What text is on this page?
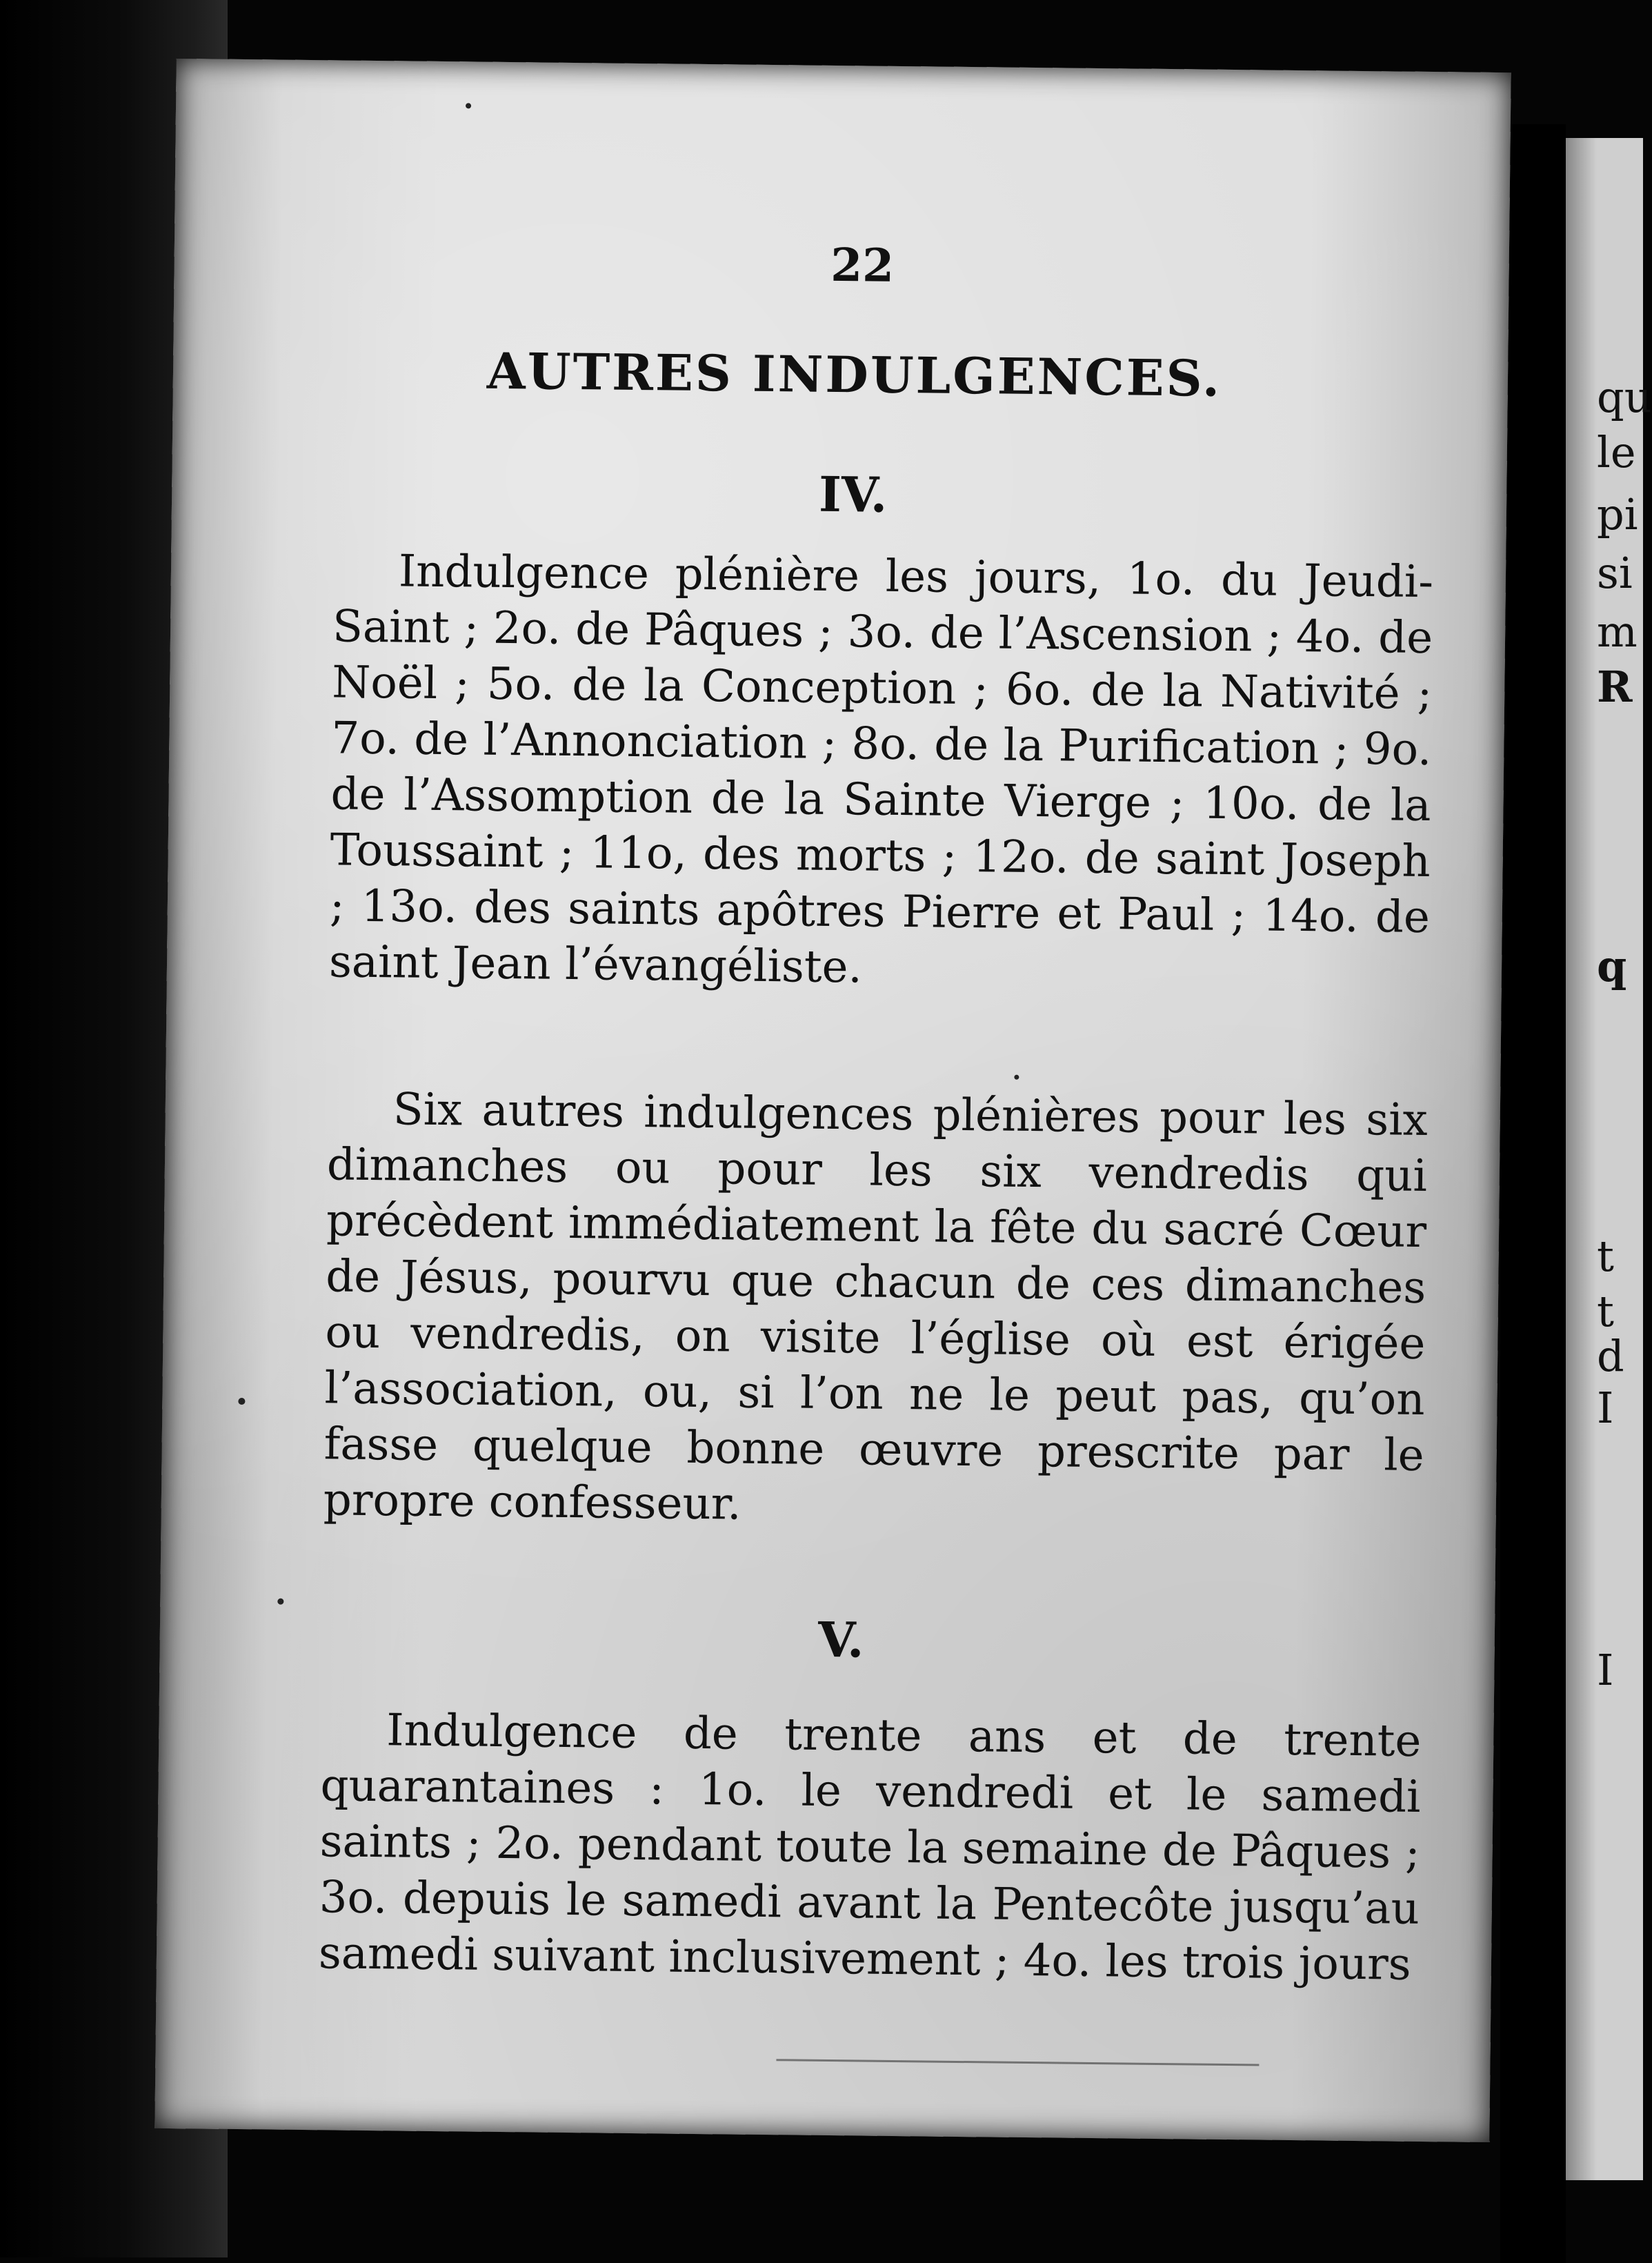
qu
le
pi
si
m
R
q
t
t
d
I
I
22
AUTRES INDULGENCES.
IV.
Indulgence plénière les jours, 1o. du Jeudi-Saint ; 2o. de Pâques ; 3o. de l’Ascension ; 4o. de Noël ; 5o. de la Conception ; 6o. de la Nativité ; 7o. de l’Annonciation ; 8o. de la Purification ; 9o. de l’Assomption de la Sainte Vierge ; 10o. de la Toussaint ; 11o, des morts ; 12o. de saint Joseph ; 13o. des saints apôtres Pierre et Paul ; 14o. de saint Jean l’évangéliste.
Six autres indulgences plénières pour les six dimanches ou pour les six vendredis qui précèdent immédiatement la fête du sacré Cœur de Jésus, pourvu que chacun de ces dimanches ou vendredis, on visite l’église où est érigée l’association, ou, si l’on ne le peut pas, qu’on fasse quelque bonne œuvre prescrite par le propre confesseur.
V.
Indulgence de trente ans et de trente quarantaines : 1o. le vendredi et le samedi saints ; 2o. pendant toute la semaine de Pâques ; 3o. depuis le samedi avant la Pentecôte jusqu’au samedi suivant inclusivement ; 4o. les trois jours
